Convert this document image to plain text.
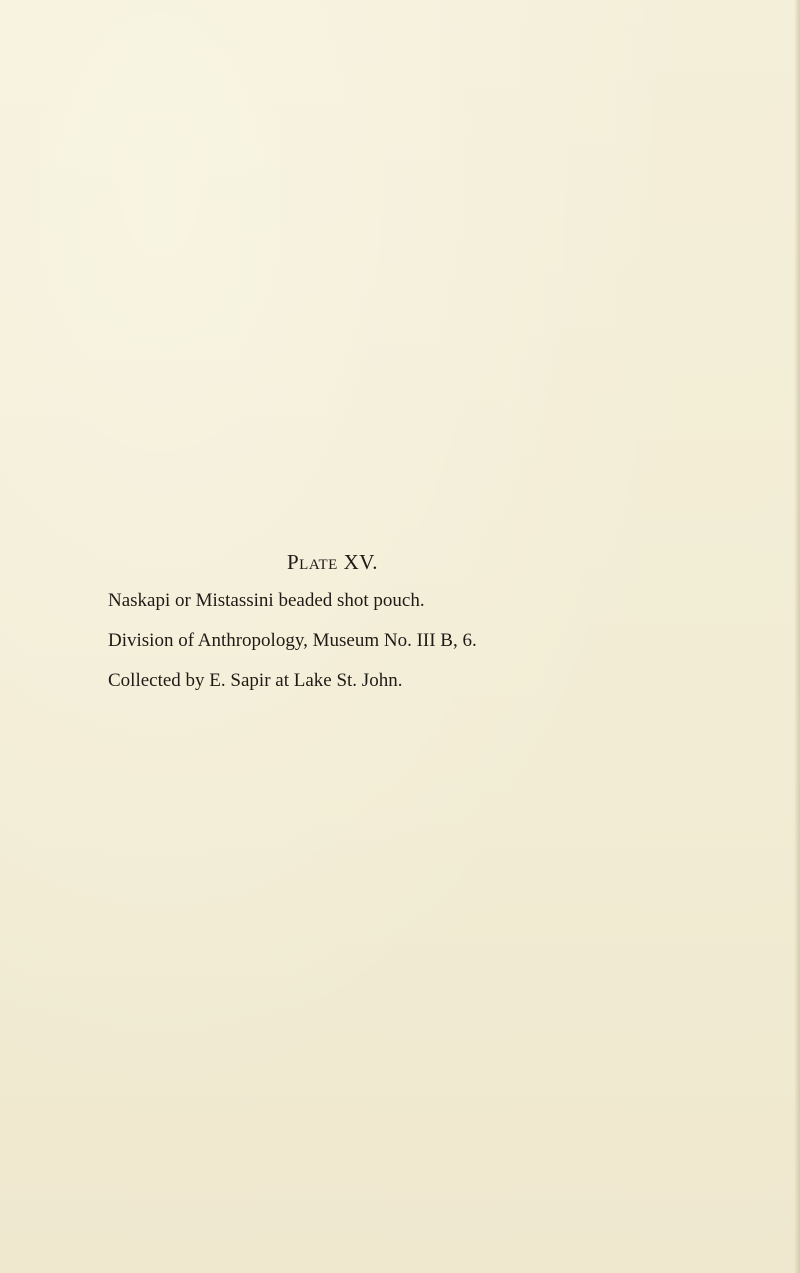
Plate XV.
Naskapi or Mistassini beaded shot pouch.
Division of Anthropology, Museum No. III B, 6.
Collected by E. Sapir at Lake St. John.
